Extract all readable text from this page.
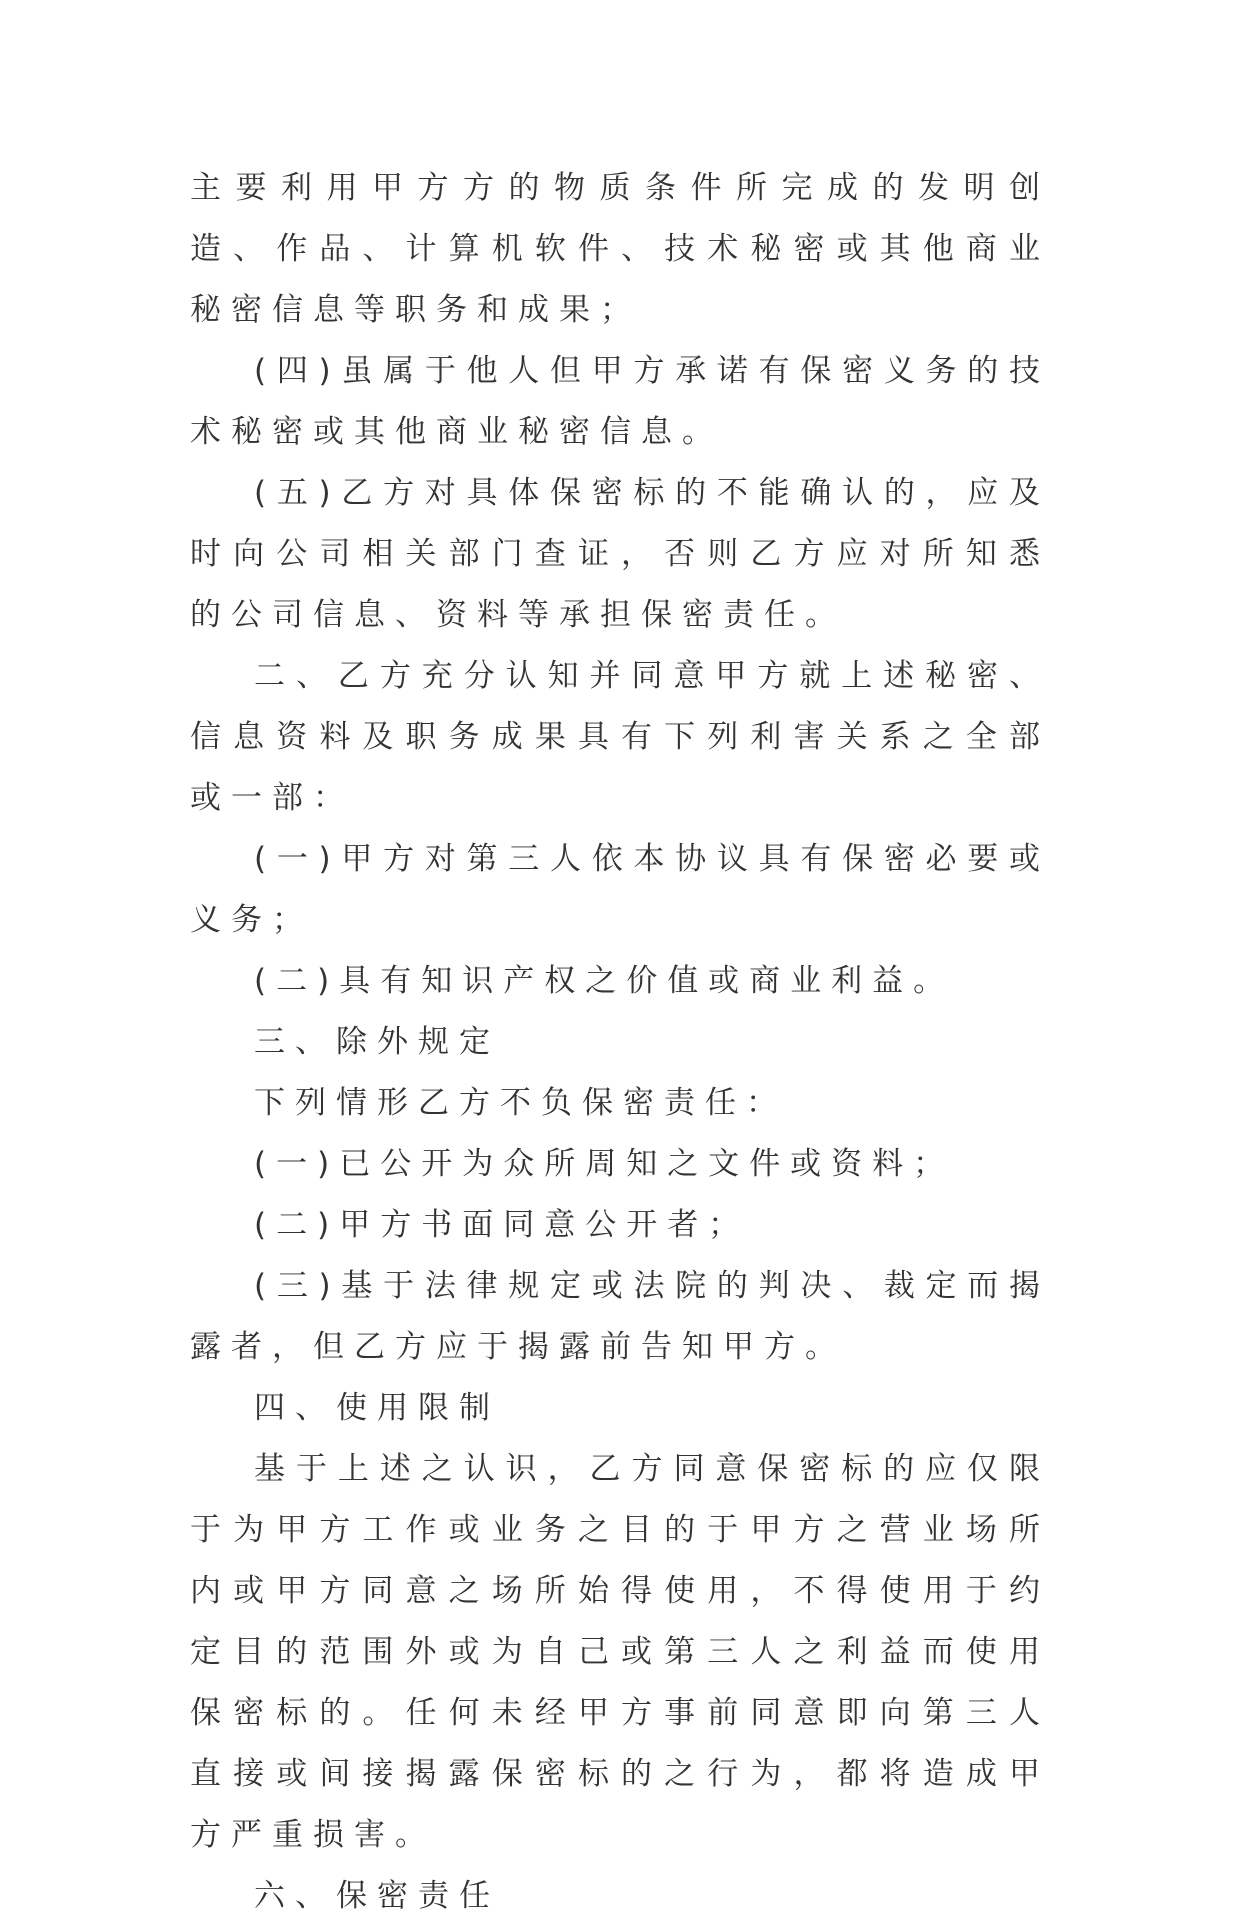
主要利用甲方方的物质条件所完成的发明创造、作品、计算机软件、技术秘密或其他商业秘密信息等职务和成果；

(四)虽属于他人但甲方承诺有保密义务的技术秘密或其他商业秘密信息。

(五)乙方对具体保密标的不能确认的，应及时向公司相关部门查证，否则乙方应对所知悉的公司信息、资料等承担保密责任。

二、乙方充分认知并同意甲方就上述秘密、信息资料及职务成果具有下列利害关系之全部或一部：

(一)甲方对第三人依本协议具有保密必要或义务；

(二)具有知识产权之价值或商业利益。

三、除外规定

下列情形乙方不负保密责任：

(一)已公开为众所周知之文件或资料；

(二)甲方书面同意公开者；

(三)基于法律规定或法院的判决、裁定而揭露者，但乙方应于揭露前告知甲方。

四、使用限制

基于上述之认识，乙方同意保密标的应仅限于为甲方工作或业务之目的于甲方之营业场所内或甲方同意之场所始得使用，不得使用于约定目的范围外或为自己或第三人之利益而使用保密标的。任何未经甲方事前同意即向第三人直接或间接揭露保密标的之行为，都将造成甲方严重损害。

六、保密责任
